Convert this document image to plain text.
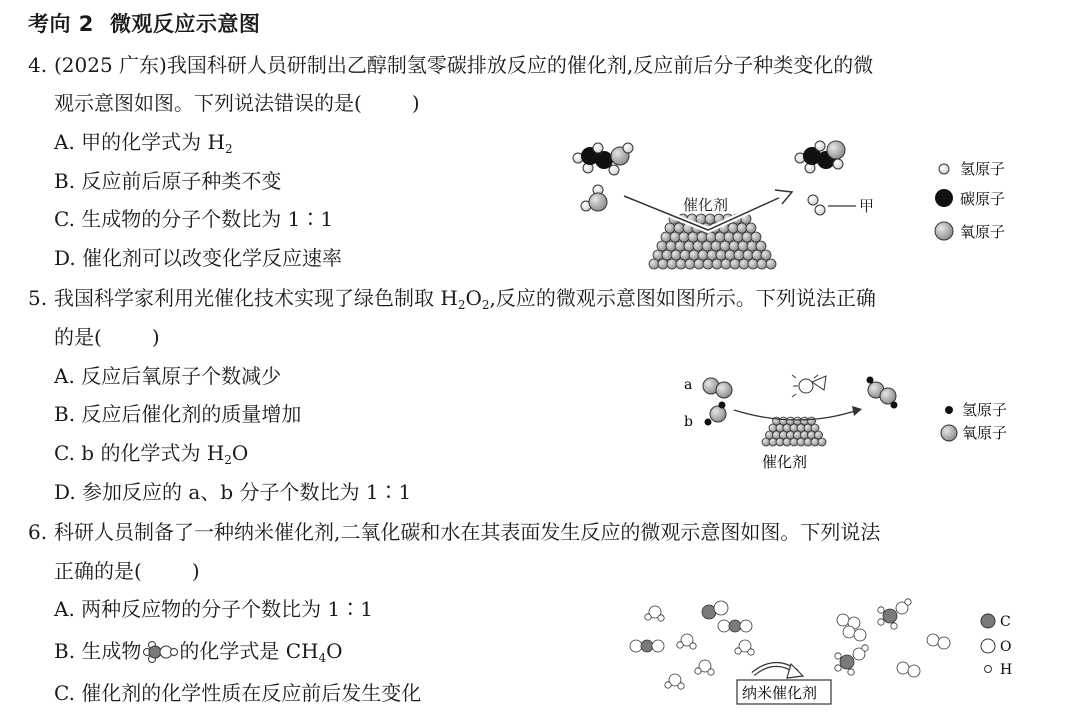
考向 2 微观反应示意图
4. (2025 广东)我国科研人员研制出乙醇制氢零碳排放反应的催化剂,反应前后分子种类变化的微
观示意图如图。下列说法错误的是(	)
A. 甲的化学式为 $H_2$
B. 反应前后原子种类不变
C. 生成物的分子个数比为 1∶1
D. 催化剂可以改变化学反应速率
催化剂	甲
氢原子
碳原子
氧原子
5. 我国科学家利用光催化技术实现了绿色制取 $H_2O_2$,反应的微观示意图如图所示。下列说法正确
的是(	)
A. 反应后氧原子个数减少
B. 反应后催化剂的质量增加
C. b 的化学式为 $H_2O$
D. 参加反应的 a、b 分子个数比为 1∶1
a
b
催化剂
氢原子
氧原子
6. 科研人员制备了一种纳米催化剂,二氧化碳和水在其表面发生反应的微观示意图如图。下列说法
正确的是(	)
A. 两种反应物的分子个数比为 1∶1
B. 生成物 的化学式是 $CH_4O$
C. 催化剂的化学性质在反应前后发生变化	纳米催化剂
C
O
H
